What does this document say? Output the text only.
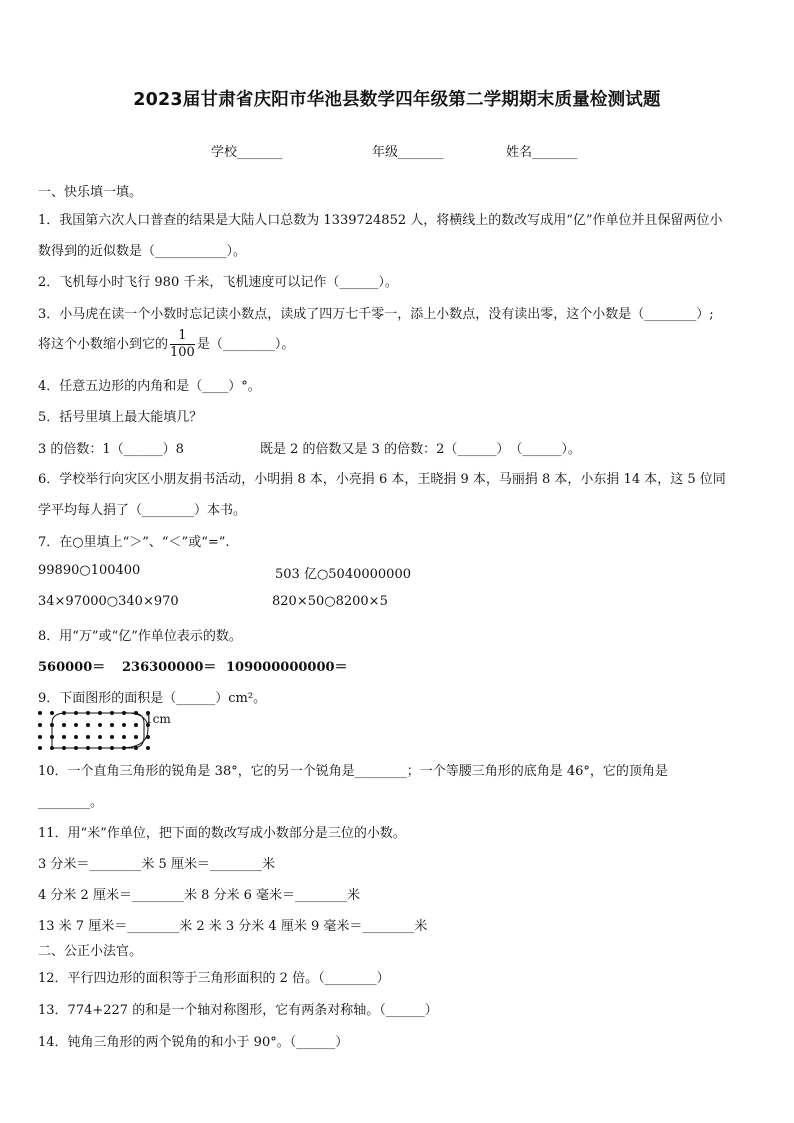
2023届甘肃省庆阳市华池县数学四年级第二学期期末质量检测试题
学校_______	年级_______	姓名_______
一、快乐填一填。
1．我国第六次人口普查的结果是大陆人口总数为 1339724852 人，将横线上的数改写成用“亿”作单位并且保留两位小
数得到的近似数是（___________）。
2．飞机每小时飞行 980 千米，飞机速度可以记作（______）。
3．小马虎在读一个小数时忘记读小数点，读成了四万七千零一，添上小数点，没有读出零，这个小数是（________）;
将这个小数缩小到它的 $\frac{1}{100}$ 是（________）。
4．任意五边形的内角和是（____）°。
5．括号里填上最大能填几？
3 的倍数：1（______）8	既是 2 的倍数又是 3 的倍数：2（______）　（______）。
6．学校举行向灾区小朋友捐书活动，小明捐 8 本，小亮捐 6 本，王晓捐 9 本，马丽捐 8 本，小东捐 14 本，这 5 位同
学平均每人捐了（________）本书。
7．在○里填上“＞”、“＜”或“=”.
99890○100400	503 亿○5040000000
34×97000○340×970	820×50○8200×5
8．用“万”或“亿”作单位表示的数。
560000＝ 236300000＝ 109000000000＝
9．下面图形的面积是（______）cm²。
1cm
10．一个直角三角形的锐角是 38°，它的另一个锐角是________；一个等腰三角形的底角是 46°，它的顶角是
________。
11．用“米”作单位，把下面的数改写成小数部分是三位的小数。
3 分米＝________米 5 厘米＝________米
4 分米 2 厘米＝________米 8 分米 6 毫米＝________米
13 米 7 厘米＝________米 2 米 3 分米 4 厘米 9 毫米＝________米
二、公正小法官。
12．平行四边形的面积等于三角形面积的 2 倍。（________）
13．774+227 的和是一个轴对称图形，它有两条对称轴。（______）
14．钝角三角形的两个锐角的和小于 90°。（______）
